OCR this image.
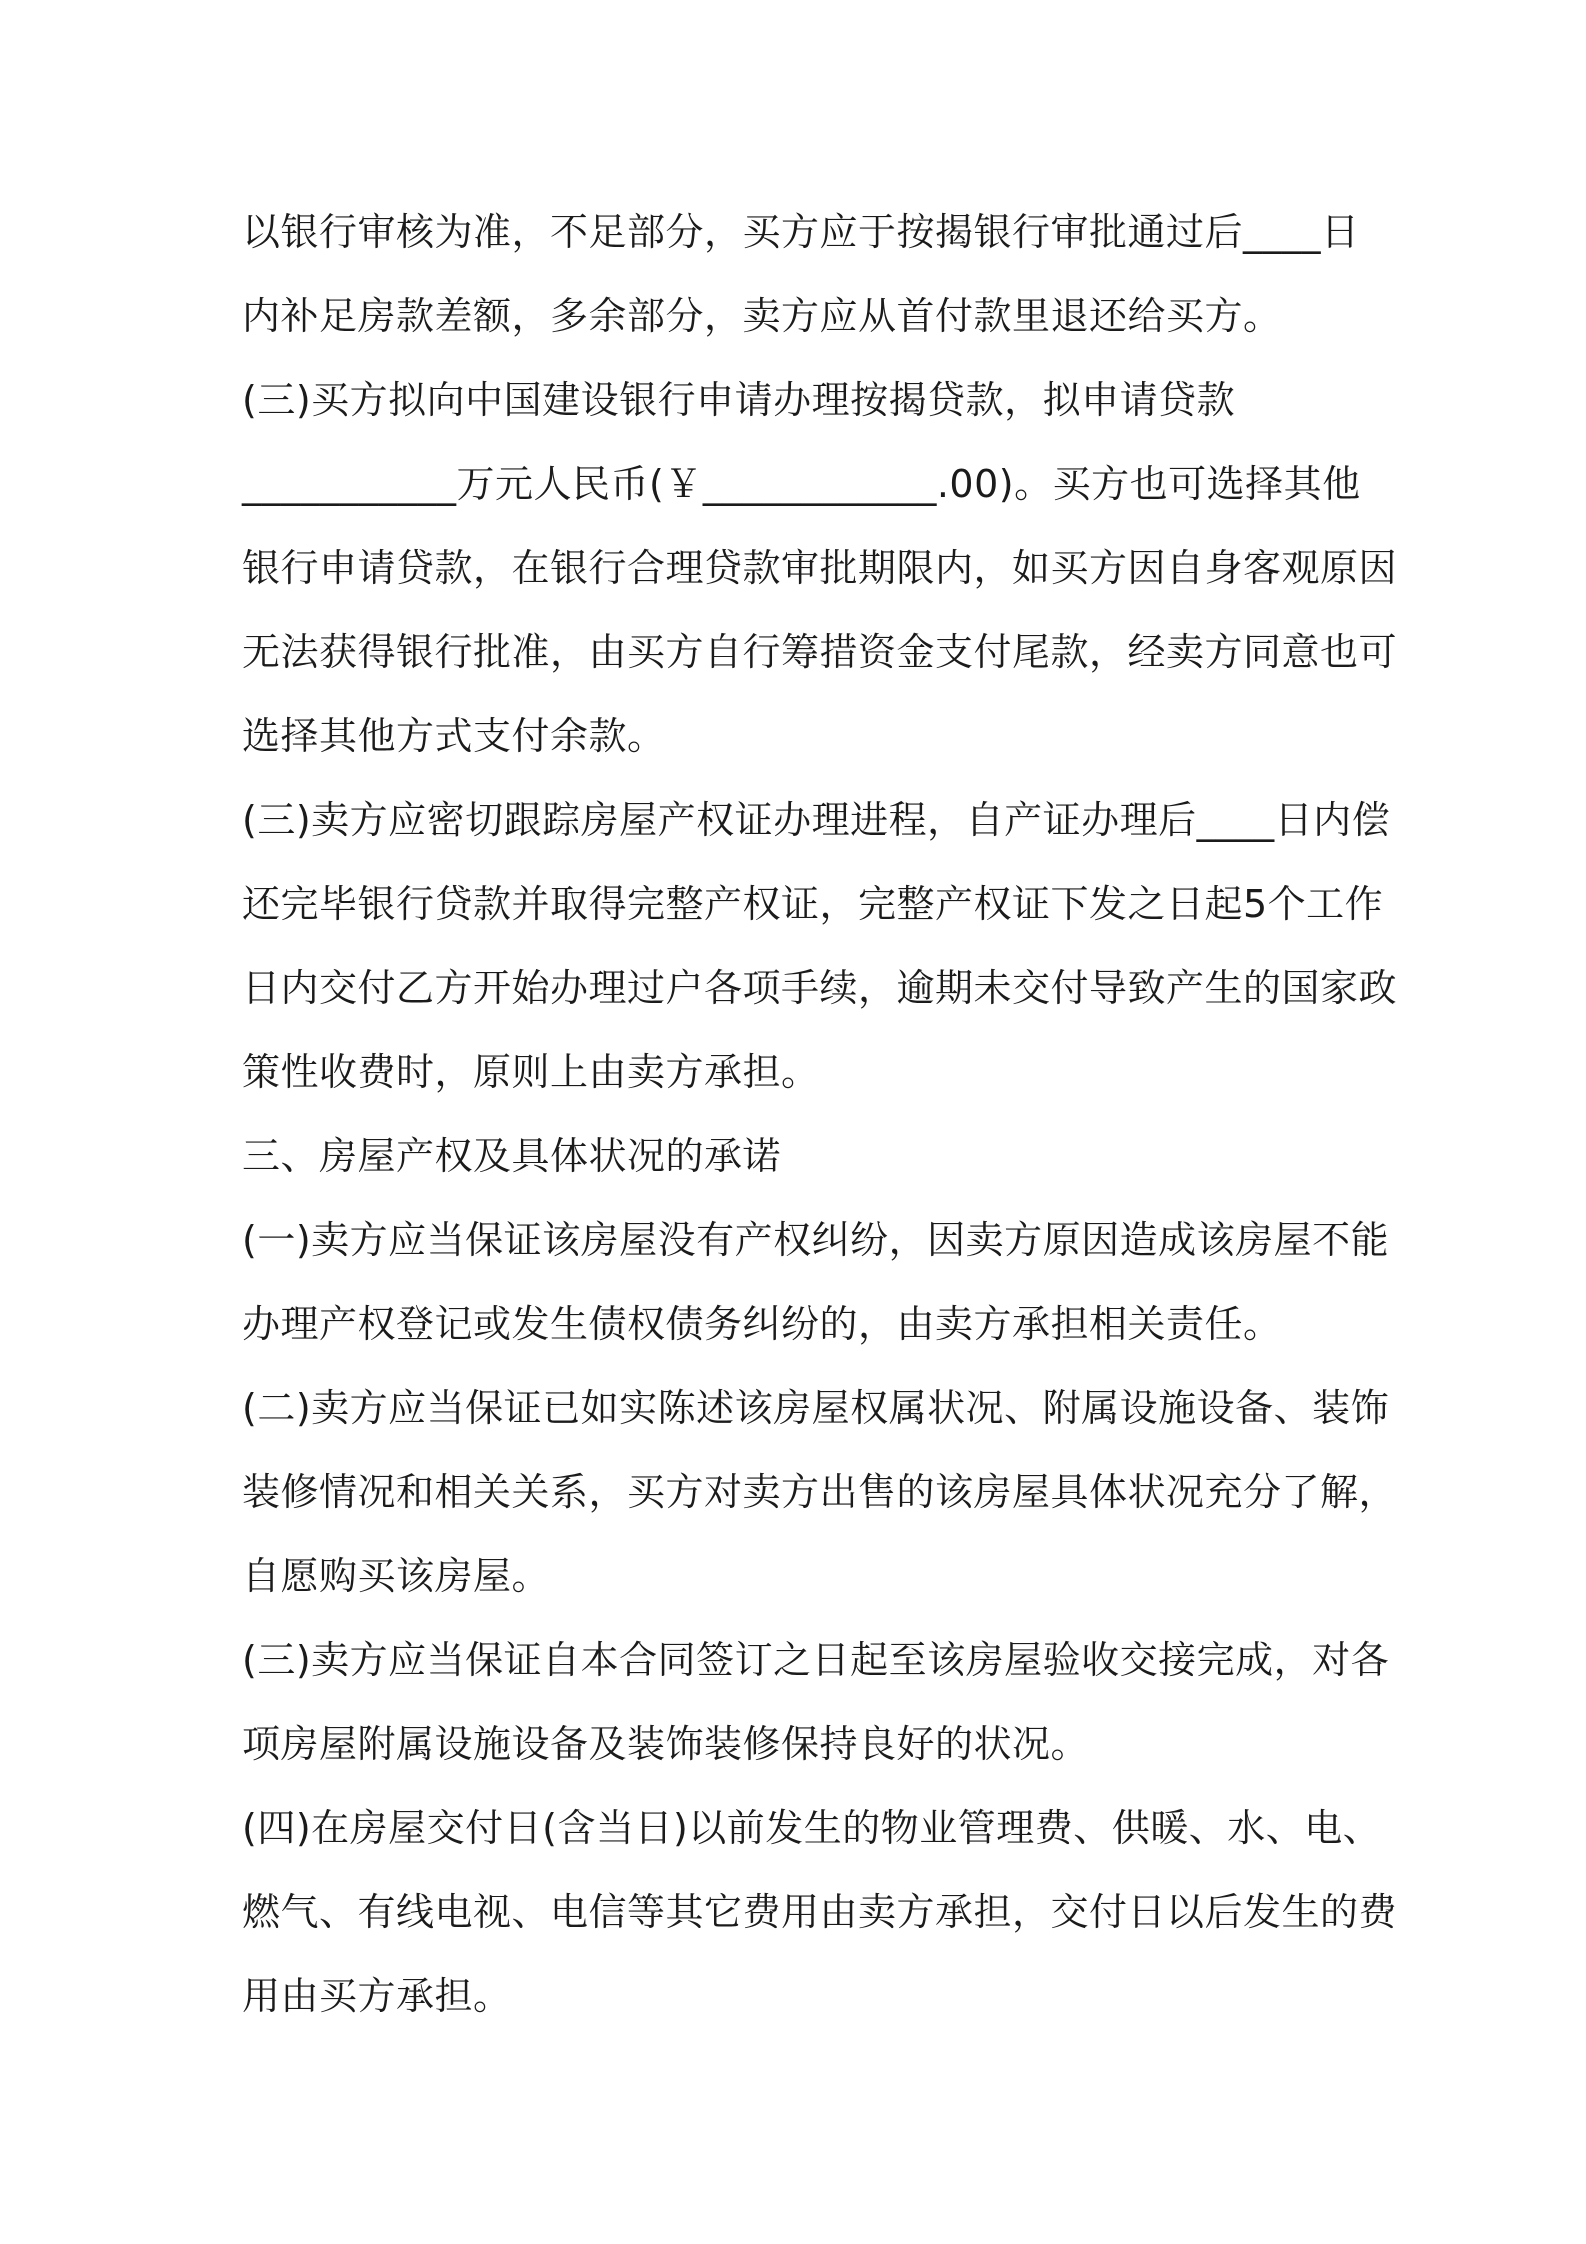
以银行审核为准，不足部分，买方应于按揭银行审批通过后____日
内补足房款差额，多余部分，卖方应从首付款里退还给买方。
(三)买方拟向中国建设银行申请办理按揭贷款，拟申请贷款
___________万元人民币(￥____________.00)。买方也可选择其他
银行申请贷款，在银行合理贷款审批期限内，如买方因自身客观原因
无法获得银行批准，由买方自行筹措资金支付尾款，经卖方同意也可
选择其他方式支付余款。
(三)卖方应密切跟踪房屋产权证办理进程，自产证办理后____日内偿
还完毕银行贷款并取得完整产权证，完整产权证下发之日起5个工作
日内交付乙方开始办理过户各项手续，逾期未交付导致产生的国家政
策性收费时，原则上由卖方承担。
三、房屋产权及具体状况的承诺
(一)卖方应当保证该房屋没有产权纠纷，因卖方原因造成该房屋不能
办理产权登记或发生债权债务纠纷的，由卖方承担相关责任。
(二)卖方应当保证已如实陈述该房屋权属状况、附属设施设备、装饰
装修情况和相关关系，买方对卖方出售的该房屋具体状况充分了解，
自愿购买该房屋。
(三)卖方应当保证自本合同签订之日起至该房屋验收交接完成，对各
项房屋附属设施设备及装饰装修保持良好的状况。
(四)在房屋交付日(含当日)以前发生的物业管理费、供暖、水、电、
燃气、有线电视、电信等其它费用由卖方承担，交付日以后发生的费
用由买方承担。
